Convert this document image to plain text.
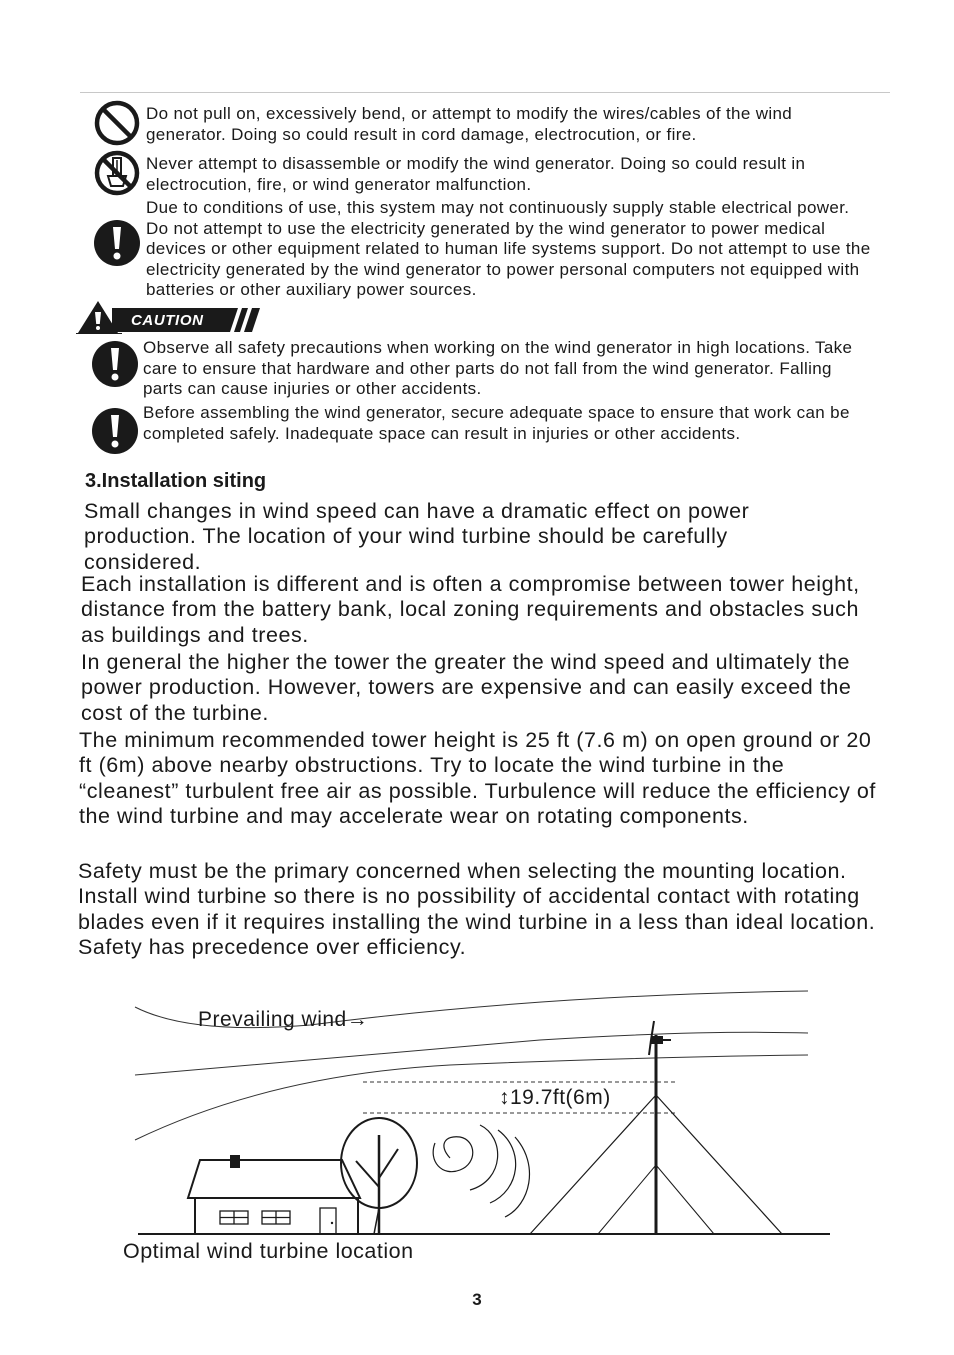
Do not pull on, excessively bend, or attempt to modify the wires/cables of the wind generator. Doing so could result in cord damage, electrocution, or fire.

Never attempt to disassemble or modify the wind generator. Doing so could result in electrocution, fire, or wind generator malfunction.

Due to conditions of use, this system may not continuously supply stable electrical power. Do not attempt to use the electricity generated by the wind generator to power medical devices or other equipment related to human life systems support. Do not attempt to use the electricity generated by the wind generator to power personal computers not equipped with batteries or other auxiliary power sources.

CAUTION

Observe all safety precautions when working on the wind generator in high locations. Take care to ensure that hardware and other parts do not fall from the wind generator. Falling parts can cause injuries or other accidents.

Before assembling the wind generator, secure adequate space to ensure that work can be completed safely. Inadequate space can result in injuries or other accidents.

3.Installation siting

Small changes in wind speed can have a dramatic effect on power production. The location of your wind turbine should be carefully considered.

Each installation is different and is often a compromise between tower height, distance from the battery bank, local zoning requirements and obstacles such as buildings and trees.

In general the higher the tower the greater the wind speed and ultimately the power production. However, towers are expensive and can easily exceed the cost of the turbine.

The minimum recommended tower height is 25 ft (7.6 m) on open ground or 20 ft (6m) above nearby obstructions. Try to locate the wind turbine in the “cleanest” turbulent free air as possible. Turbulence will reduce the efficiency of the wind turbine and may accelerate wear on rotating components.

Safety must be the primary concerned when selecting the mounting location. Install wind turbine so there is no possibility of accidental contact with rotating blades even if it requires installing the wind turbine in a less than ideal location. Safety has precedence over efficiency.

Prevailing wind→
↕19.7ft(6m)
Optimal wind turbine location
3
